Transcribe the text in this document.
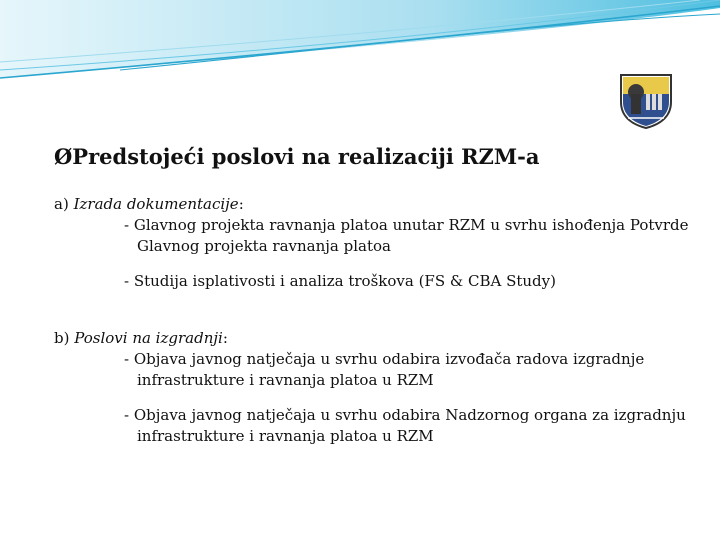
ØPredstojeći poslovi na realizaciji RZM-a
a) Izrada dokumentacije:
- Glavnog projekta ravnanja platoa unutar RZM u svrhu ishođenja Potvrde
Glavnog projekta ravnanja platoa
- Studija isplativosti i analiza troškova (FS & CBA Study)
b) Poslovi na izgradnji:
- Objava javnog natječaja u svrhu odabira izvođača radova izgradnje
infrastrukture i ravnanja platoa u RZM
- Objava javnog natječaja u svrhu odabira Nadzornog organa za izgradnju
infrastrukture i ravnanja platoa u RZM
